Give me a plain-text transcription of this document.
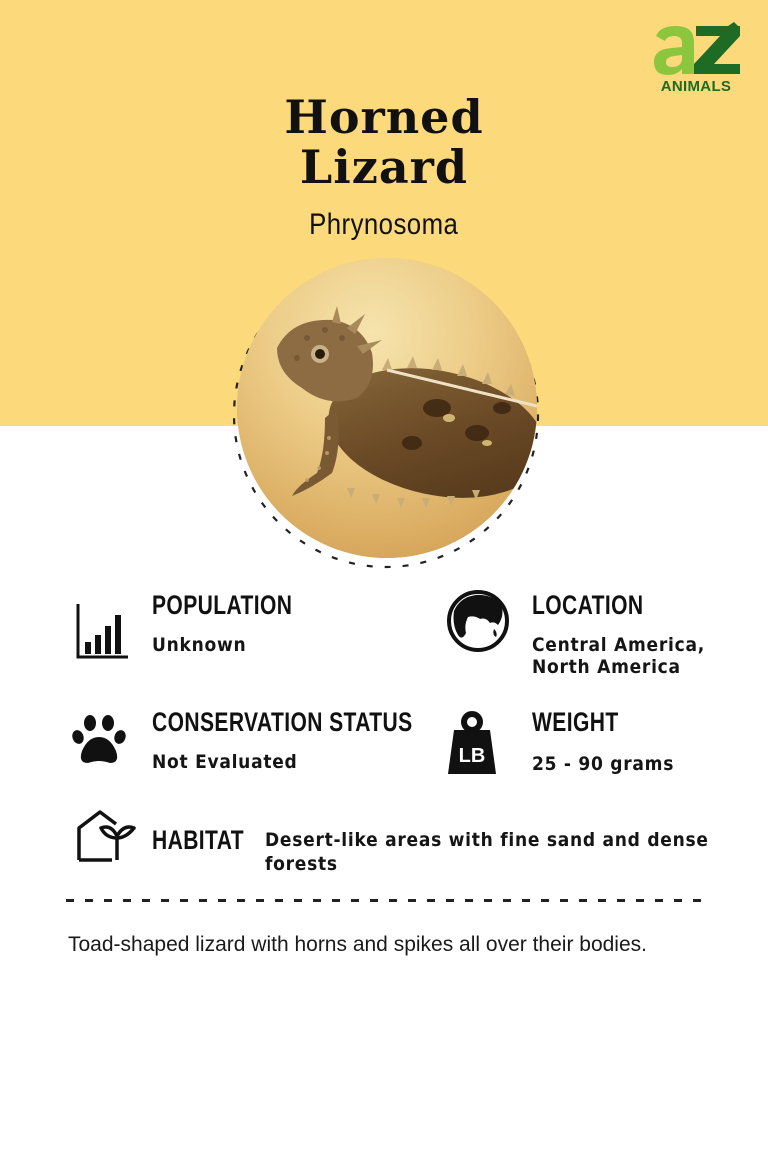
ANIMALS
Horned
Lizard
Phrynosoma
POPULATION
Unknown
LOCATION
Central America,
North America
CONSERVATION STATUS
Not Evaluated	LB
WEIGHT
25 - 90 grams
HABITAT Desert-like areas with fine sand and dense
forests
Toad-shaped lizard with horns and spikes all over their bodies.
